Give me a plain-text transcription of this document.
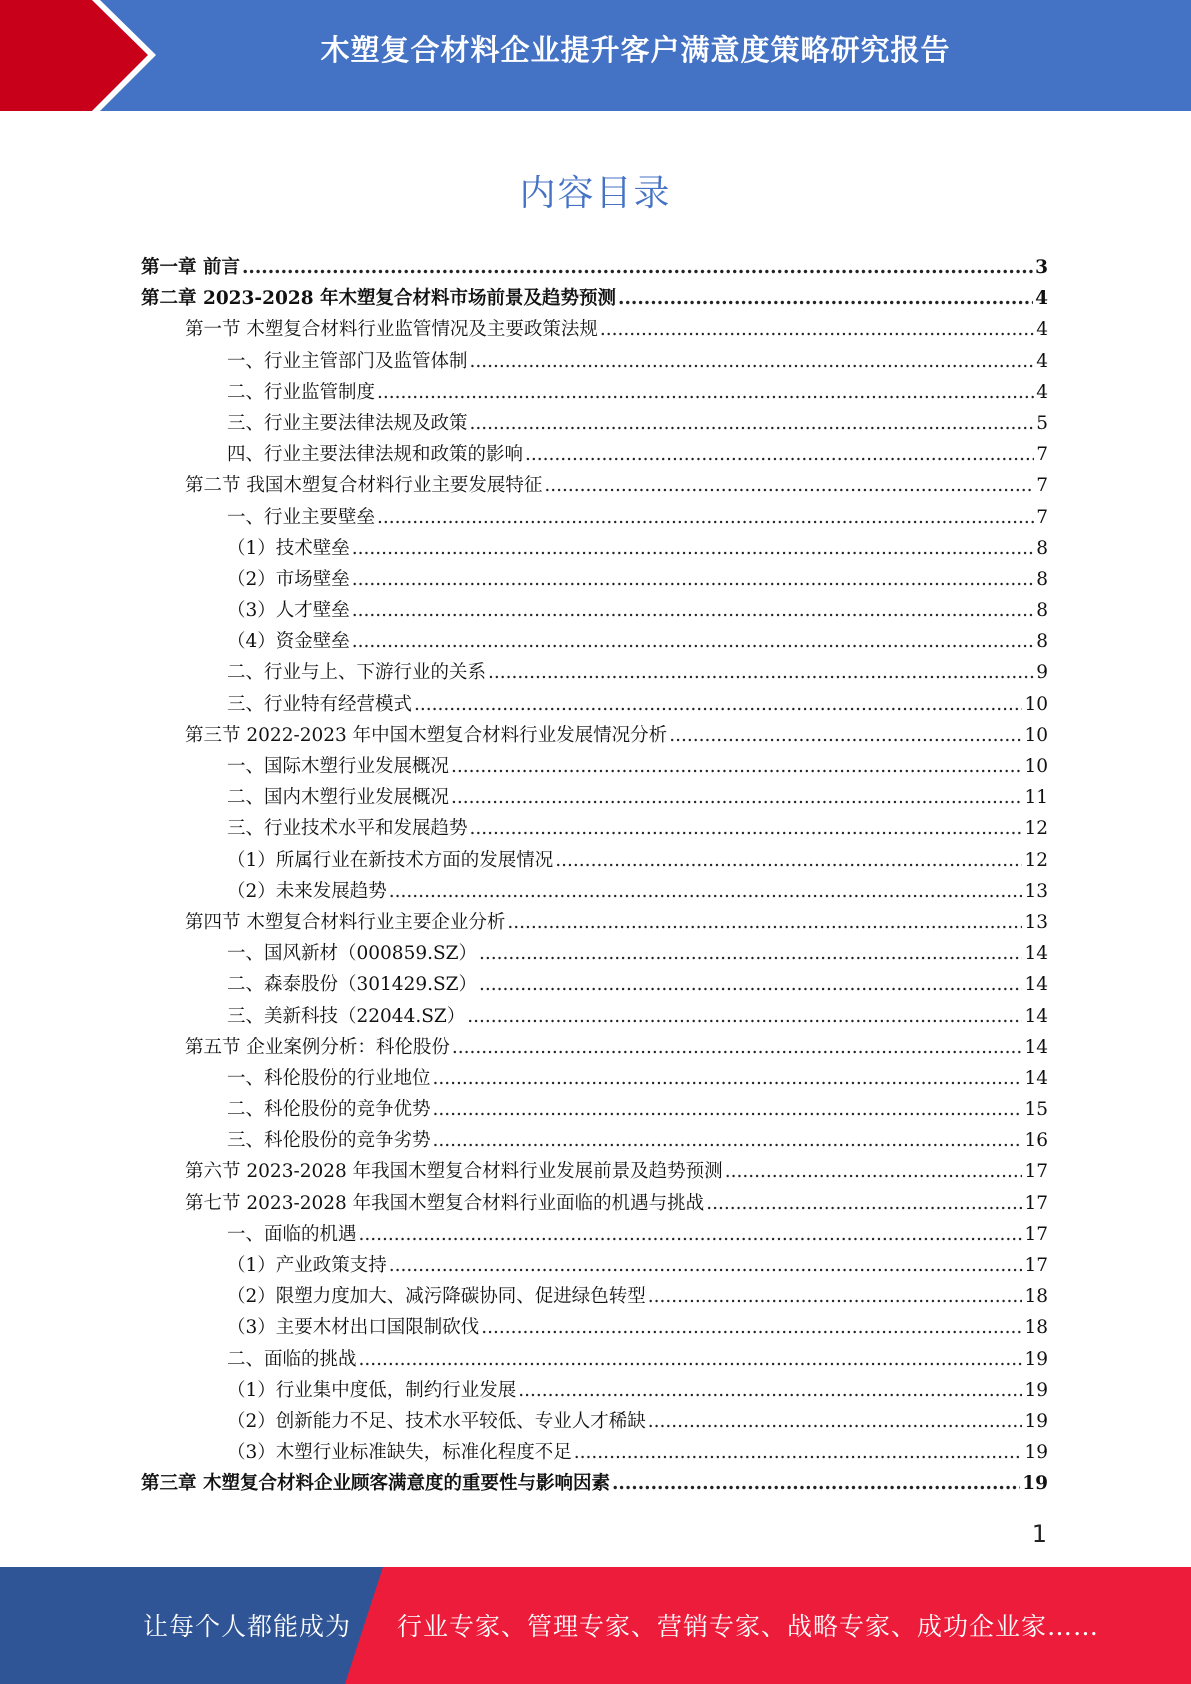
木塑复合材料企业提升客户满意度策略研究报告
内容目录
第一章 前言 .....	3
第二章 2023-2028 年木塑复合材料市场前景及趋势预测 .....	4
第一节 木塑复合材料行业监管情况及主要政策法规 .....	4
一、行业主管部门及监管体制 .....	4
二、行业监管制度 .....	4
三、行业主要法律法规及政策 .....	5
四、行业主要法律法规和政策的影响 .....	7
第二节 我国木塑复合材料行业主要发展特征 .....	7
一、行业主要壁垒 .....	7
（1）技术壁垒 .....	8
（2）市场壁垒 .....	8
（3）人才壁垒 .....	8
（4）资金壁垒 .....	8
二、行业与上、下游行业的关系 .....	9
三、行业特有经营模式 .....	10
第三节 2022-2023 年中国木塑复合材料行业发展情况分析 .....	10
一、国际木塑行业发展概况 .....	10
二、国内木塑行业发展概况 .....	11
三、行业技术水平和发展趋势 .....	12
（1）所属行业在新技术方面的发展情况 .....	12
（2）未来发展趋势 .....	13
第四节 木塑复合材料行业主要企业分析 .....	13
一、国风新材（000859.SZ） .....	14
二、森泰股份（301429.SZ） .....	14
三、美新科技（22044.SZ） .....	14
第五节 企业案例分析：科伦股份 .....	14
一、科伦股份的行业地位 .....	14
二、科伦股份的竞争优势 .....	15
三、科伦股份的竞争劣势 .....	16
第六节 2023-2028 年我国木塑复合材料行业发展前景及趋势预测 .....	17
第七节 2023-2028 年我国木塑复合材料行业面临的机遇与挑战 .....	17
一、面临的机遇 .....	17
（1）产业政策支持 .....	17
（2）限塑力度加大、减污降碳协同、促进绿色转型 .....	18
（3）主要木材出口国限制砍伐 .....	18
二、面临的挑战 .....	19
（1）行业集中度低，制约行业发展 .....	19
（2）创新能力不足、技术水平较低、专业人才稀缺 .....	19
（3）木塑行业标准缺失，标准化程度不足 .....	19
第三章 木塑复合材料企业顾客满意度的重要性与影响因素 .....	19
1
让每个人都能成为 行业专家、管理专家、营销专家、战略专家、成功企业家……
